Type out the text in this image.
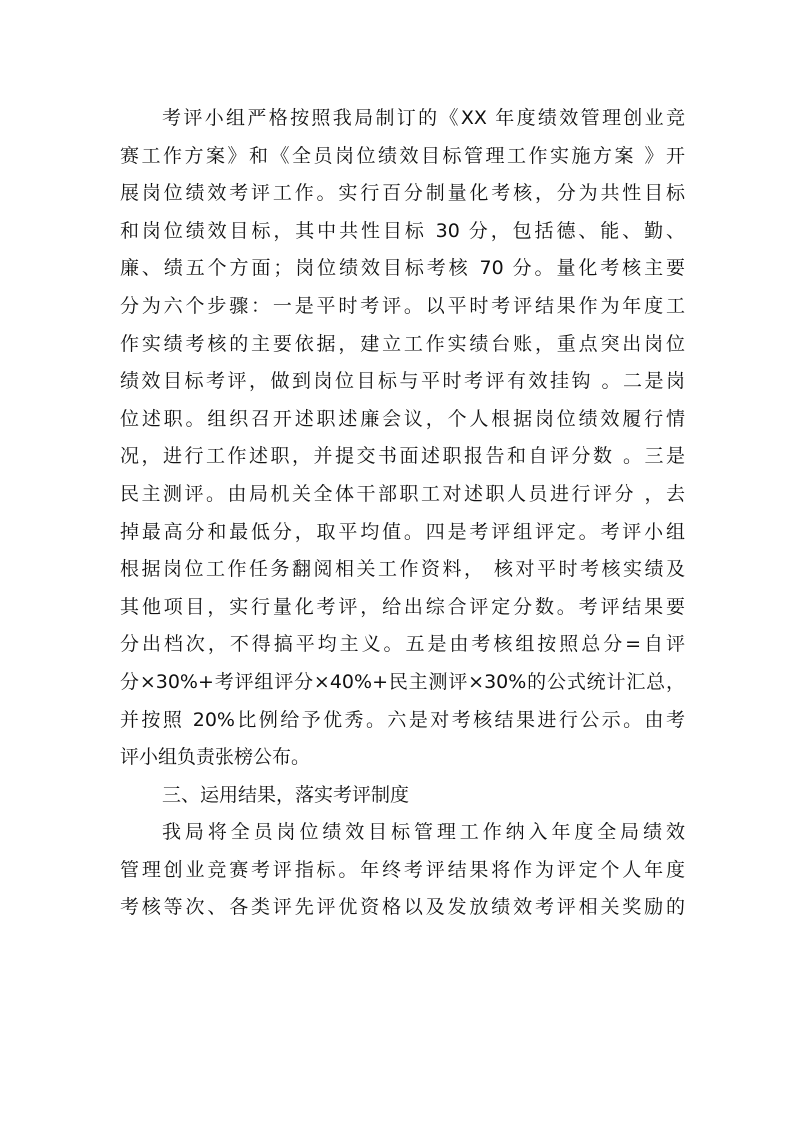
考评小组严格按照我局制订的《XX 年度绩效管理创业竞
赛工作方案》和《全员岗位绩效目标管理工作实施方案 》开
展岗位绩效考评工作。实行百分制量化考核，分为共性目标
和岗位绩效目标，其中共性目标 30 分，包括德、能、勤、
廉、绩五个方面；岗位绩效目标考核 70 分。量化考核主要
分为六个步骤：一是平时考评。以平时考评结果作为年度工
作实绩考核的主要依据，建立工作实绩台账，重点突出岗位
绩效目标考评，做到岗位目标与平时考评有效挂钩 。二是岗
位述职。组织召开述职述廉会议，个人根据岗位绩效履行情
况，进行工作述职，并提交书面述职报告和自评分数 。三是
民主测评。由局机关全体干部职工对述职人员进行评分 ，去
掉最高分和最低分，取平均值。四是考评组评定。考评小组
根据岗位工作任务翻阅相关工作资料， 核对平时考核实绩及
其他项目，实行量化考评，给出综合评定分数。考评结果要
分出档次，不得搞平均主义。五是由考核组按照总分=自评
分×30%+考评组评分×40%+民主测评×30%的公式统计汇总，
并按照 20%比例给予优秀。六是对考核结果进行公示。由考
评小组负责张榜公布。
三、运用结果，落实考评制度
我局将全员岗位绩效目标管理工作纳入年度全局绩效
管理创业竞赛考评指标。年终考评结果将作为评定个人年度
考核等次、各类评先评优资格以及发放绩效考评相关奖励的
